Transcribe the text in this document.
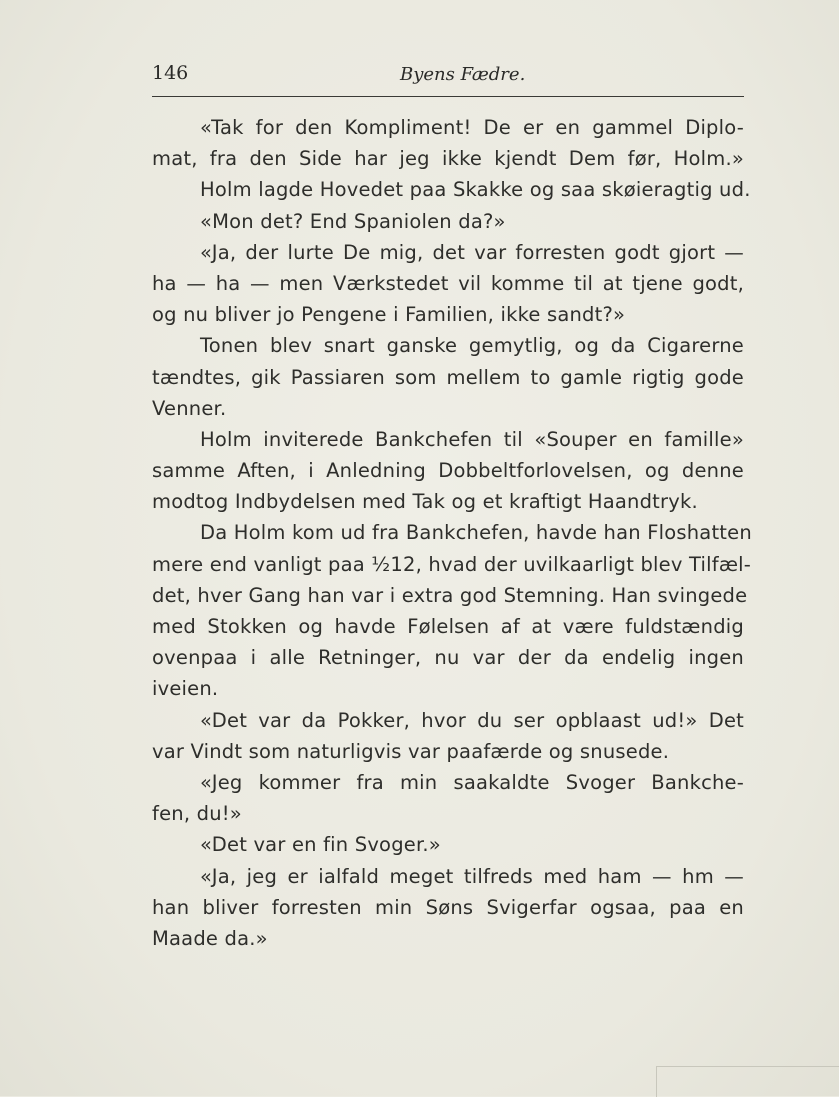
146	Byens Fædre.
«Tak for den Kompliment! De er en gammel Diplo-
mat, fra den Side har jeg ikke kjendt Dem før, Holm.»
Holm lagde Hovedet paa Skakke og saa skøieragtig ud.
«Mon det? End Spaniolen da?»
«Ja, der lurte De mig, det var forresten godt gjort —
ha — ha — men Værkstedet vil komme til at tjene godt,
og nu bliver jo Pengene i Familien, ikke sandt?»
Tonen blev snart ganske gemytlig, og da Cigarerne
tændtes, gik Passiaren som mellem to gamle rigtig gode
Venner.
Holm inviterede Bankchefen til «Souper en famille»
samme Aften, i Anledning Dobbeltforlovelsen, og denne
modtog Indbydelsen med Tak og et kraftigt Haandtryk.
Da Holm kom ud fra Bankchefen, havde han Floshatten
mere end vanligt paa ½12, hvad der uvilkaarligt blev Tilfæl-
det, hver Gang han var i extra god Stemning. Han svingede
med Stokken og havde Følelsen af at være fuldstændig
ovenpaa i alle Retninger, nu var der da endelig ingen
iveien.
«Det var da Pokker, hvor du ser opblaast ud!» Det
var Vindt som naturligvis var paafærde og snusede.
«Jeg kommer fra min saakaldte Svoger Bankche-
fen, du!»
«Det var en fin Svoger.»
«Ja, jeg er ialfald meget tilfreds med ham — hm —
han bliver forresten min Søns Svigerfar ogsaa, paa en
Maade da.»
